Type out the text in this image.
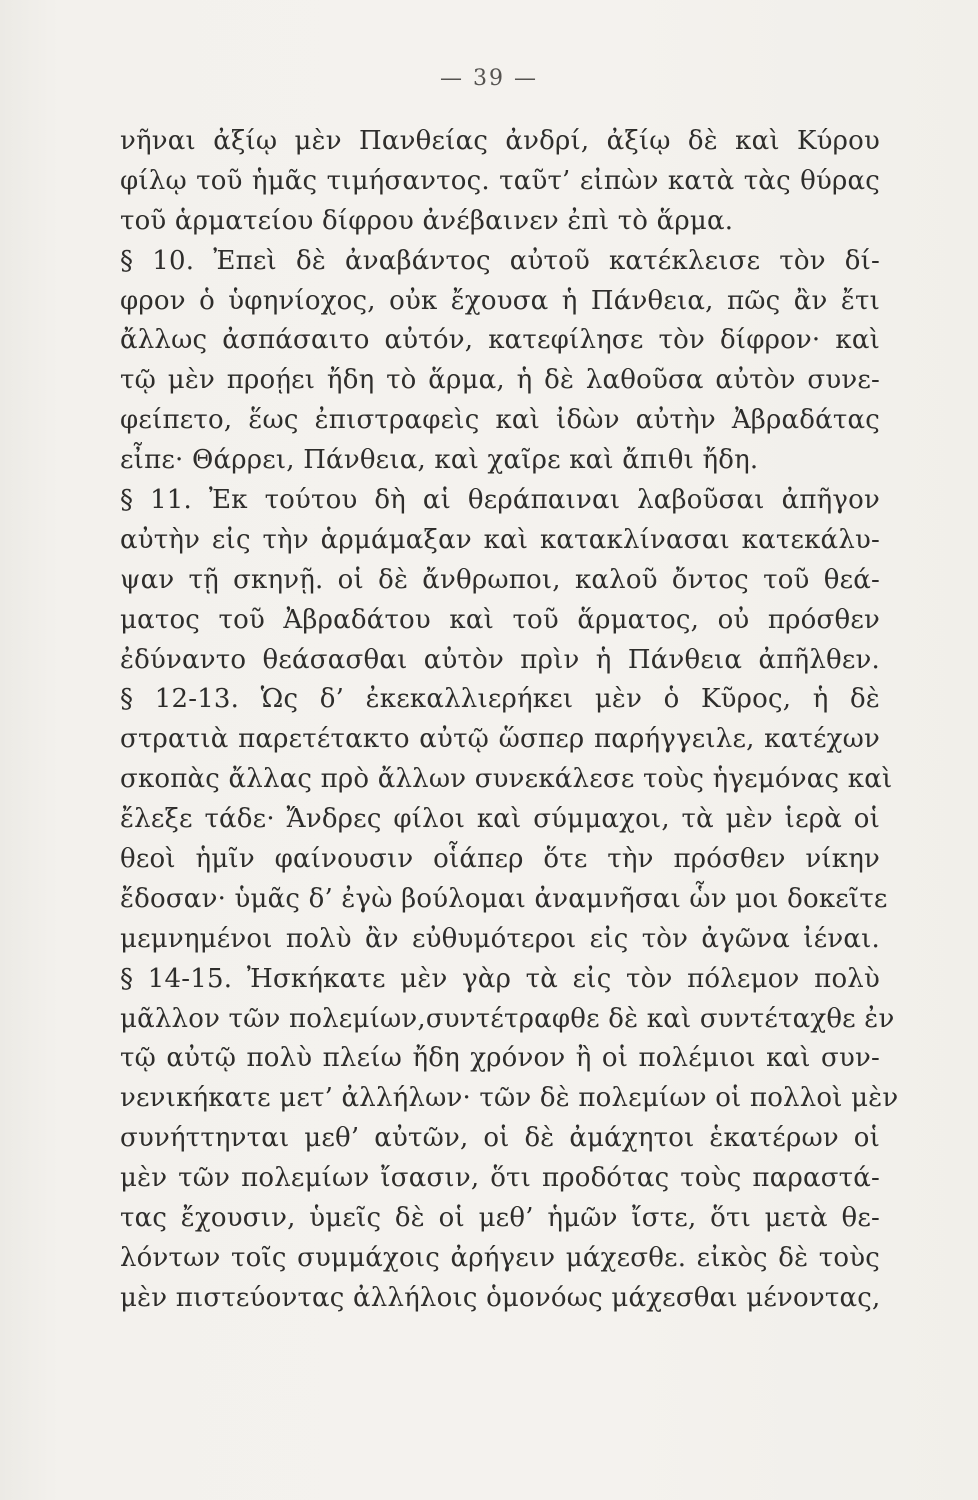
— 39 —
νῆναι ἀξίῳ μὲν Πανθείας ἀνδρί, ἀξίῳ δὲ καὶ Κύρου
φίλῳ τοῦ ἡμᾶς τιμήσαντος. ταῦτ’ εἰπὼν κατὰ τὰς θύρας
τοῦ ἁρματείου δίφρου ἀνέβαινεν ἐπὶ τὸ ἅρμα.
§ 10. Ἐπεὶ δὲ ἀναβάντος αὐτοῦ κατέκλεισε τὸν δί-
φρον ὁ ὑφηνίοχος, οὐκ ἔχουσα ἡ Πάνθεια, πῶς ἂν ἔτι
ἄλλως ἀσπάσαιτο αὐτόν, κατεφίλησε τὸν δίφρον· καὶ
τῷ μὲν προῄει ἤδη τὸ ἅρμα, ἡ δὲ λαθοῦσα αὐτὸν συνε-
φείπετο, ἕως ἐπιστραφεὶς καὶ ἰδὼν αὐτὴν Ἀβραδάτας
εἶπε· Θάρρει, Πάνθεια, καὶ χαῖρε καὶ ἄπιθι ἤδη.
§ 11. Ἐκ τούτου δὴ αἱ θεράπαιναι λαβοῦσαι ἀπῆγον
αὐτὴν εἰς τὴν ἁρμάμαξαν καὶ κατακλίνασαι κατεκάλυ-
ψαν τῇ σκηνῇ. οἱ δὲ ἄνθρωποι, καλοῦ ὄντος τοῦ θεά-
ματος τοῦ Ἀβραδάτου καὶ τοῦ ἅρματος, οὐ πρόσθεν
ἐδύναντο θεάσασθαι αὐτὸν πρὶν ἡ Πάνθεια ἀπῆλθεν.
§ 12-13. Ὡς δ’ ἐκεκαλλιερήκει μὲν ὁ Κῦρος, ἡ δὲ
στρατιὰ παρετέτακτο αὐτῷ ὥσπερ παρήγγειλε, κατέχων
σκοπὰς ἄλλας πρὸ ἄλλων συνεκάλεσε τοὺς ἡγεμόνας καὶ
ἔλεξε τάδε· Ἄνδρες φίλοι καὶ σύμμαχοι, τὰ μὲν ἱερὰ οἱ
θεοὶ ἡμῖν φαίνουσιν οἷάπερ ὅτε τὴν πρόσθεν νίκην
ἔδοσαν· ὑμᾶς δ’ ἐγὼ βούλομαι ἀναμνῆσαι ὧν μοι δοκεῖτε
μεμνημένοι πολὺ ἂν εὐθυμότεροι εἰς τὸν ἀγῶνα ἰέναι.
§ 14-15. Ἠσκήκατε μὲν γὰρ τὰ εἰς τὸν πόλεμον πολὺ
μᾶλλον τῶν πολεμίων,συντέτραφθε δὲ καὶ συντέταχθε ἐν
τῷ αὐτῷ πολὺ πλείω ἤδη χρόνον ἢ οἱ πολέμιοι καὶ συν-
νενικήκατε μετ’ ἀλλήλων· τῶν δὲ πολεμίων οἱ πολλοὶ μὲν
συνήττηνται μεθ’ αὐτῶν, οἱ δὲ ἀμάχητοι ἑκατέρων οἱ
μὲν τῶν πολεμίων ἴσασιν, ὅτι προδότας τοὺς παραστά-
τας ἔχουσιν, ὑμεῖς δὲ οἱ μεθ’ ἡμῶν ἴστε, ὅτι μετὰ θε-
λόντων τοῖς συμμάχοις ἀρήγειν μάχεσθε. εἰκὸς δὲ τοὺς
μὲν πιστεύοντας ἀλλήλοις ὁμονόως μάχεσθαι μένοντας,
